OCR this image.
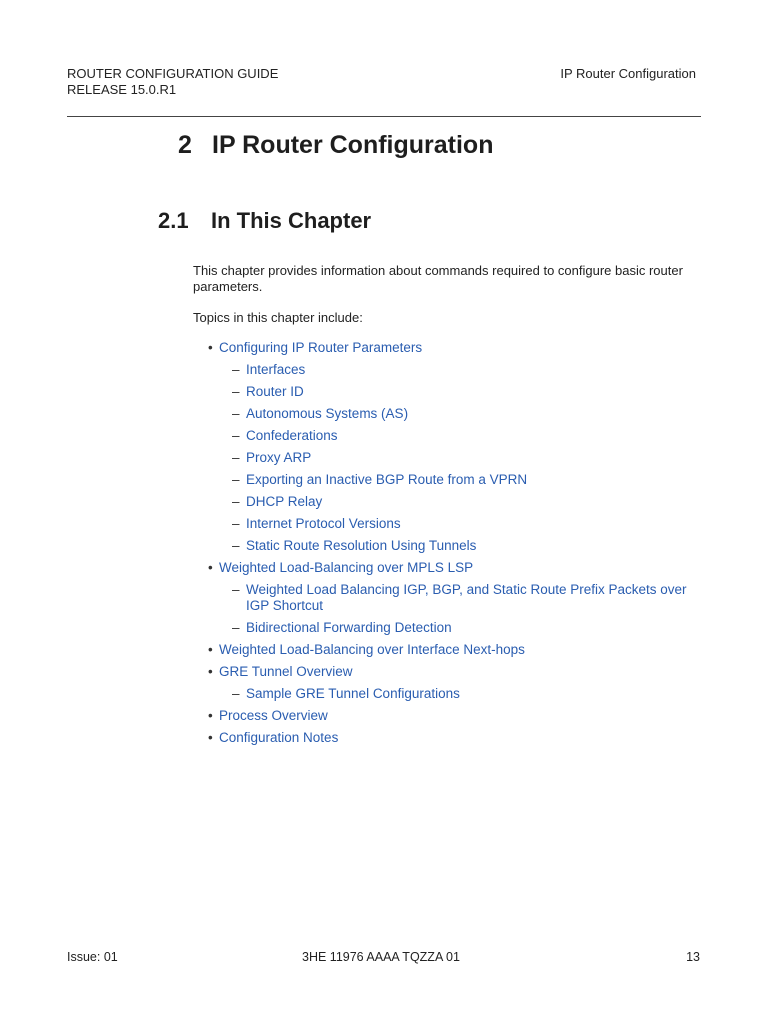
ROUTER CONFIGURATION GUIDE
RELEASE 15.0.R1
IP Router Configuration
2 IP Router Configuration
2.1 In This Chapter

This chapter provides information about commands required to configure basic router parameters.

Topics in this chapter include:

• Configuring IP Router Parameters
– Interfaces
– Router ID
– Autonomous Systems (AS)
– Confederations
– Proxy ARP
– Exporting an Inactive BGP Route from a VPRN
– DHCP Relay
– Internet Protocol Versions
– Static Route Resolution Using Tunnels
• Weighted Load-Balancing over MPLS LSP
– Weighted Load Balancing IGP, BGP, and Static Route Prefix Packets over IGP Shortcut
– Bidirectional Forwarding Detection
• Weighted Load-Balancing over Interface Next-hops
• GRE Tunnel Overview
– Sample GRE Tunnel Configurations
• Process Overview
• Configuration Notes
Issue: 01	3HE 11976 AAAA TQZZA 01	13
